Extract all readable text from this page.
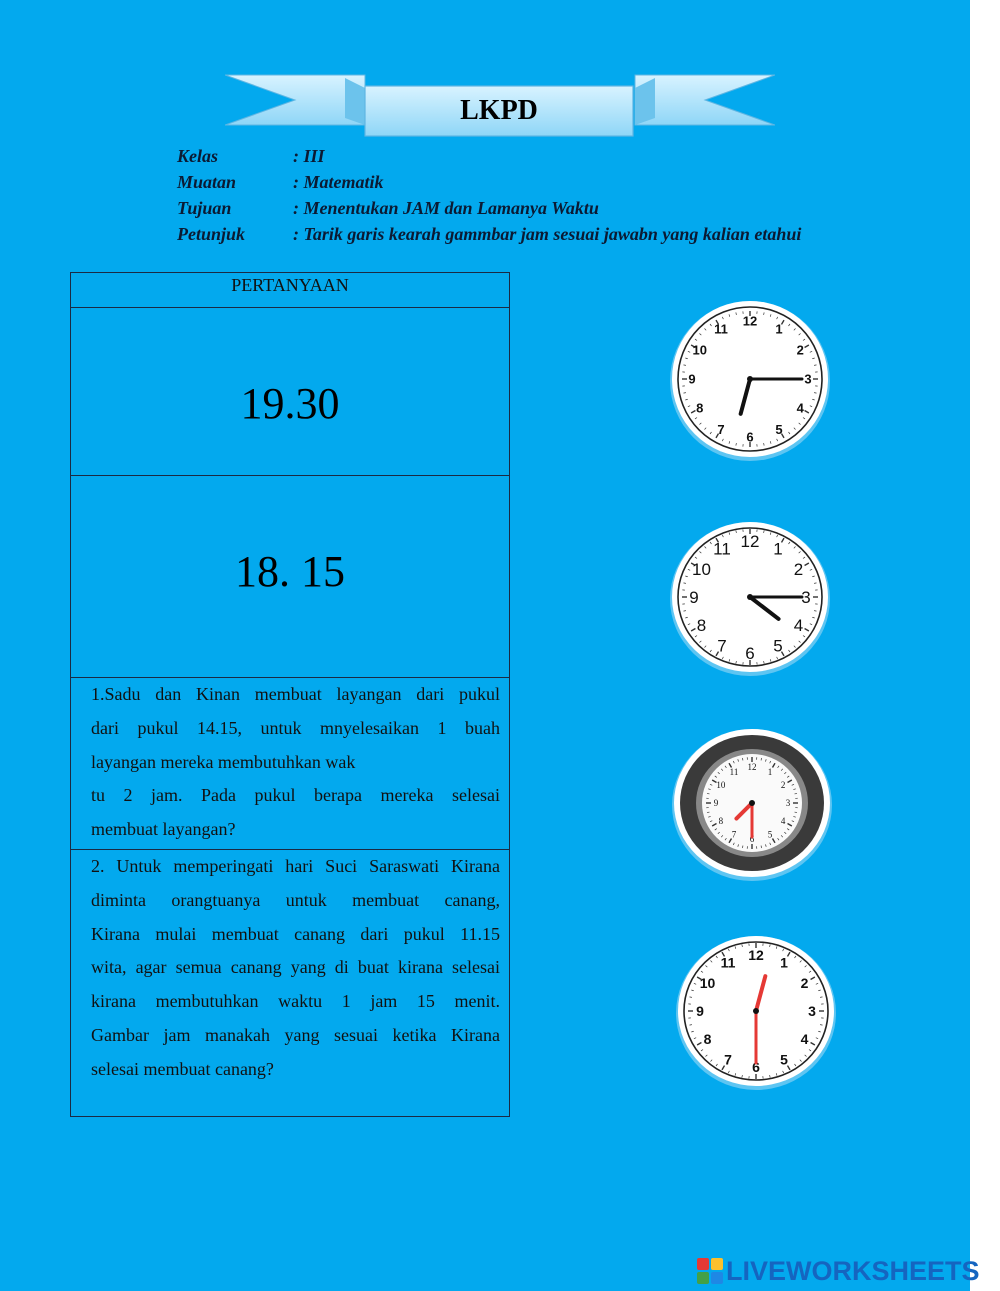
LKPD
Kelas	: III
Muatan	: Matematik
Tujuan	: Menentukan JAM dan Lamanya Waktu
Petunjuk	: Tarik garis kearah gammbar jam sesuai jawabn yang kalian etahui
PERTANYAAN
19.30
18. 15
1.Sadu dan Kinan membuat layangan dari pukul
dari pukul 14.15, untuk mnyelesaikan 1 buah
layangan mereka membutuhkan wak
tu 2 jam. Pada pukul berapa mereka selesai
membuat layangan?
2. Untuk memperingati hari Suci Saraswati Kirana
diminta orangtuanya untuk membuat canang,
Kirana mulai membuat canang dari pukul 11.15
wita, agar semua canang yang di buat kirana selesai
kirana membutuhkan waktu 1 jam 15 menit.
Gambar jam manakah yang sesuai ketika Kirana
selesai membuat canang?
1
2
3
4
5
6
7
8
9
10
11
12
1
2
3
4
5
6
7
8
9
10
11 12
1
2
3
4
5
6
7
8
9
10
11 12
1
2
3
4
5
6
7
8
9
10
11 12
LIVEWORKSHEETS
